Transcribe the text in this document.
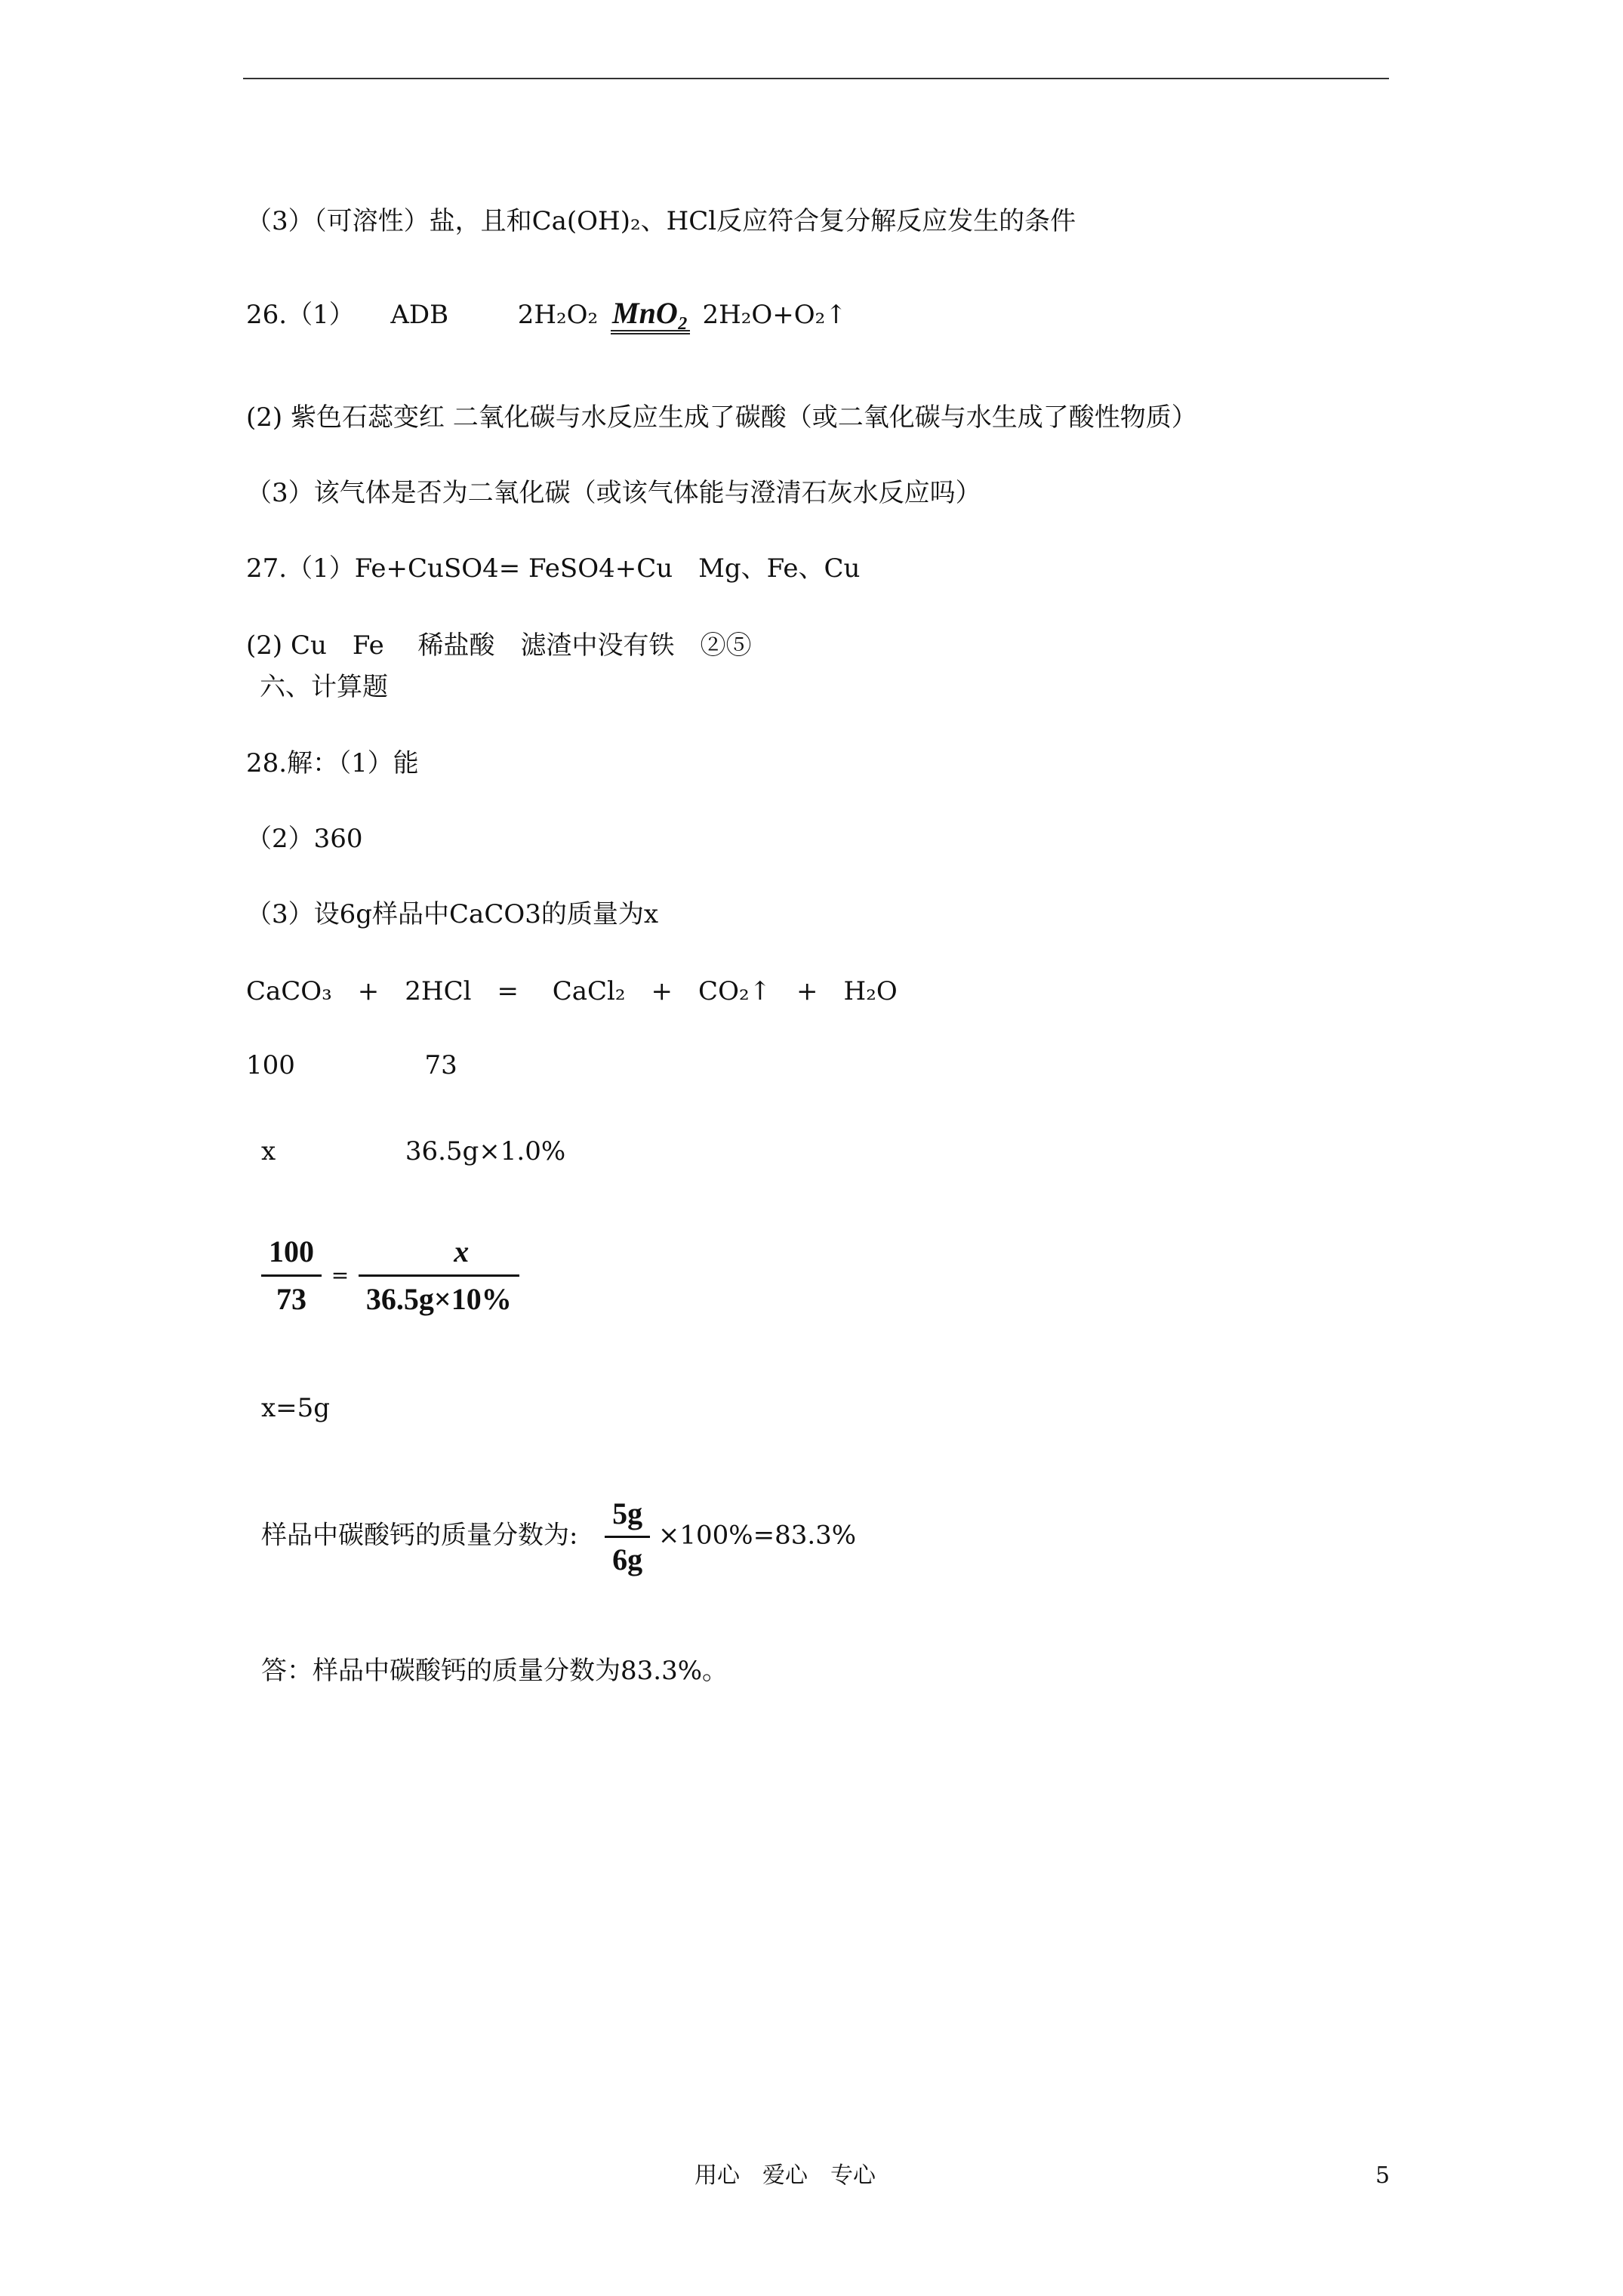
（3）（可溶性）盐，且和Ca(OH)₂、HCl反应符合复分解反应发生的条件
26.（1） ADB	2H₂O₂ MnO₂ 2H₂O+O₂↑
(2) 紫色石蕊变红 二氧化碳与水反应生成了碳酸（或二氧化碳与水生成了酸性物质）
（3）该气体是否为二氧化碳（或该气体能与澄清石灰水反应吗）
27.（1）Fe+CuSO4= FeSO4+Cu　Mg、Fe、Cu
(2) Cu　Fe　 稀盐酸　滤渣中没有铁　②⑤
六、计算题
28.解：（1）能
（2）360
（3）设6g样品中CaCO3的质量为x
CaCO₃　+　2HCl　=　 CaCl₂　+　CO₂↑　+　H₂O
100	73
x	36.5g×1.0%
$\frac{100}{73} = \frac{x}{36.5g\times 10\%}$
x=5g
样品中碳酸钙的质量分数为: $\frac{5g}{6g} \times 100\%=83.3\%$
答：样品中碳酸钙的质量分数为83.3%。
用心　爱心　专心	5
